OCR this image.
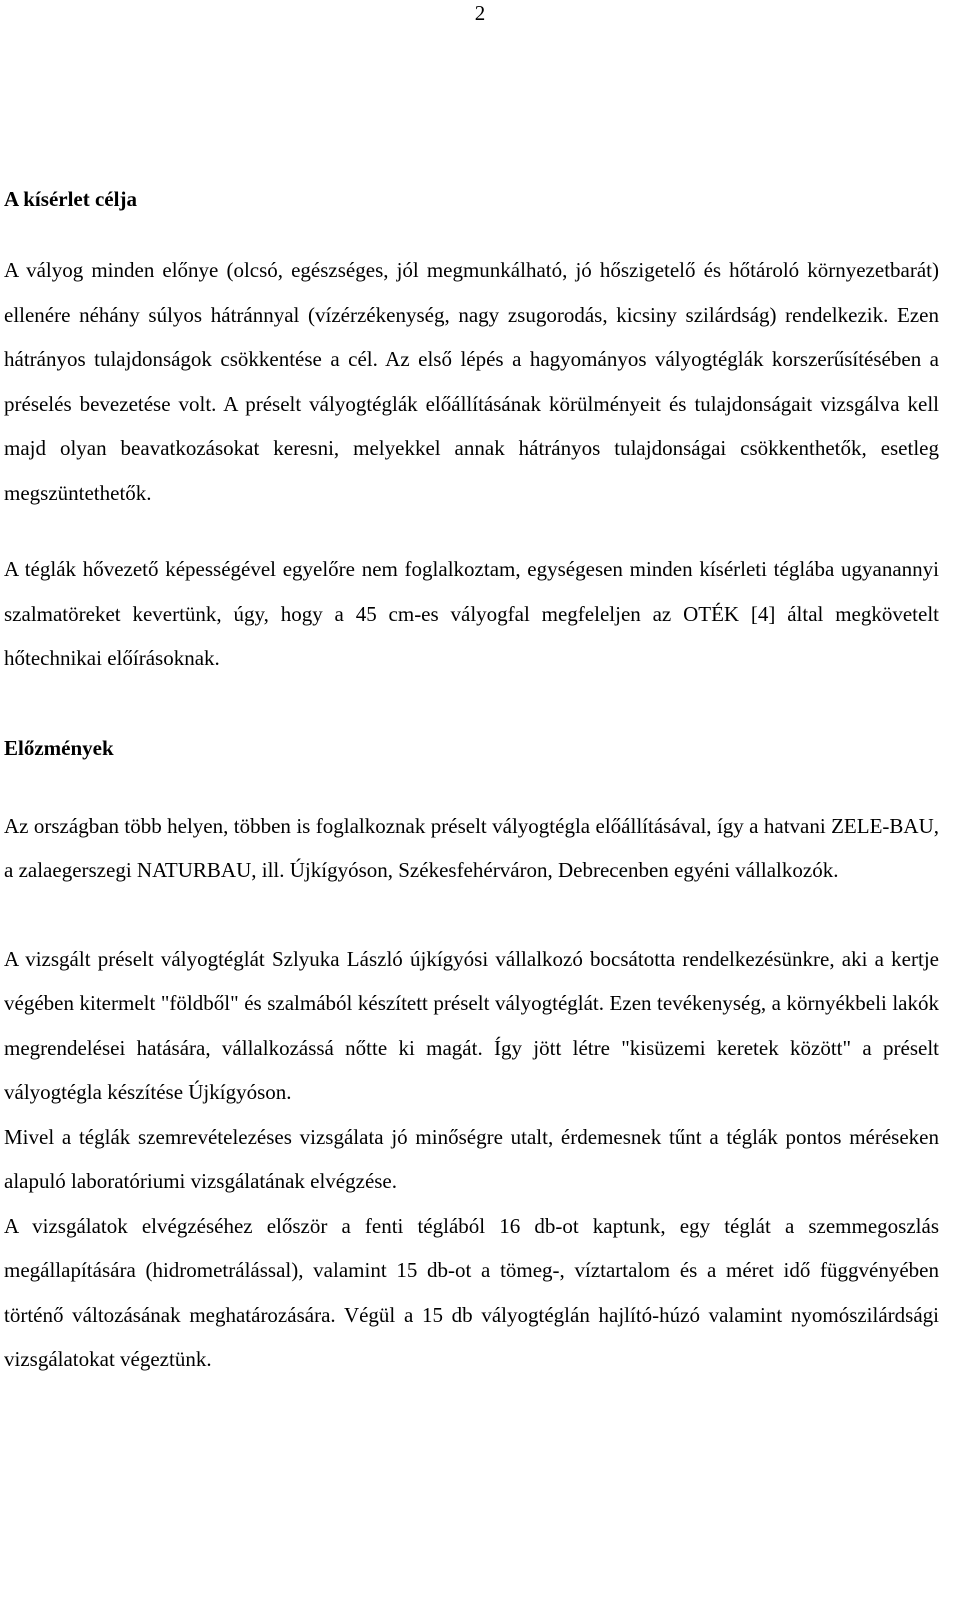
2
A kísérlet célja

A vályog minden előnye (olcsó, egészséges, jól megmunkálható, jó hőszigetelő és hőtároló környezetbarát) ellenére néhány súlyos hátránnyal (vízérzékenység, nagy zsugorodás, kicsiny szilárdság) rendelkezik. Ezen hátrányos tulajdonságok csökkentése a cél. Az első lépés a hagyományos vályogtéglák korszerűsítésében a préselés bevezetése volt. A préselt vályogtéglák előállításának körülményeit és tulajdonságait vizsgálva kell majd olyan beavatkozásokat keresni, melyekkel annak hátrányos tulajdonságai csökkenthetők, esetleg megszüntethetők.

A téglák hővezető képességével egyelőre nem foglalkoztam, egységesen minden kísérleti téglába ugyanannyi szalmatöreket kevertünk, úgy, hogy a 45 cm-es vályogfal megfeleljen az OTÉK [4] által megkövetelt hőtechnikai előírásoknak.

Előzmények

Az országban több helyen, többen is foglalkoznak préselt vályogtégla előállításával, így a hatvani ZELE-BAU, a zalaegerszegi NATURBAU, ill. Újkígyóson, Székesfehérváron, Debrecenben egyéni vállalkozók.

A vizsgált préselt vályogtéglát Szlyuka László újkígyósi vállalkozó bocsátotta rendelkezésünkre, aki a kertje végében kitermelt "földből" és szalmából készített préselt vályogtéglát. Ezen tevékenység, a környékbeli lakók megrendelései hatására, vállalkozássá nőtte ki magát. Így jött létre "kisüzemi keretek között" a préselt vályogtégla készítése Újkígyóson.

Mivel a téglák szemrevételezéses vizsgálata jó minőségre utalt, érdemesnek tűnt a téglák pontos méréseken alapuló laboratóriumi vizsgálatának elvégzése.

A vizsgálatok elvégzéséhez először a fenti téglából 16 db-ot kaptunk, egy téglát a szemmegoszlás megállapítására (hidrometrálással), valamint 15 db-ot a tömeg-, víztartalom és a méret idő függvényében történő változásának meghatározására. Végül a 15 db vályogtéglán hajlító-húzó valamint nyomószilárdsági vizsgálatokat végeztünk.
